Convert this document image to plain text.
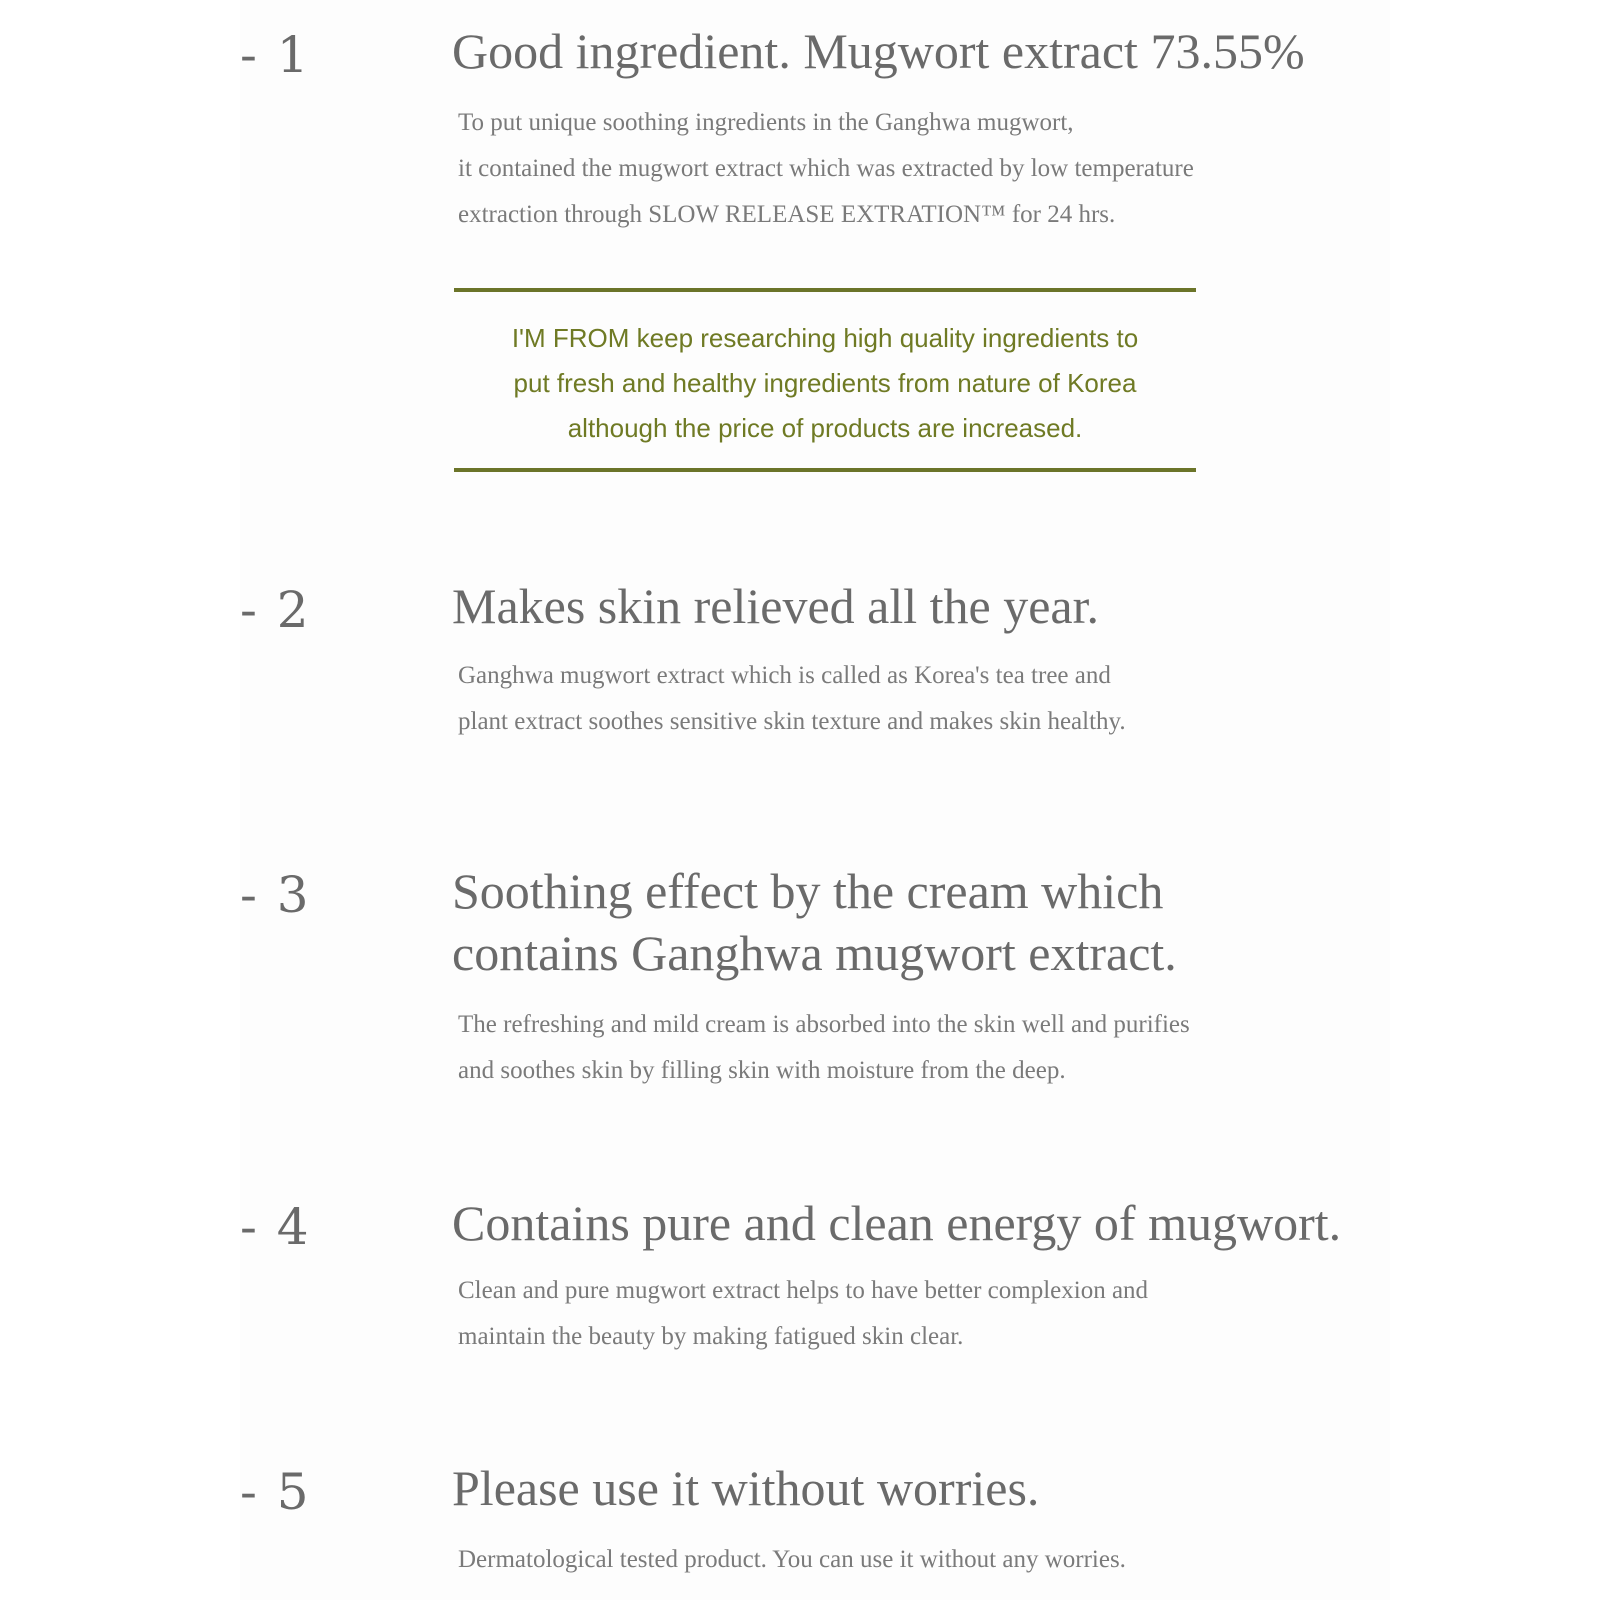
- 1	Good ingredient. Mugwort extract 73.55%
To put unique soothing ingredients in the Ganghwa mugwort,
it contained the mugwort extract which was extracted by low temperature
extraction through SLOW RELEASE EXTRATION™ for 24 hrs.
I'M FROM keep researching high quality ingredients to
put fresh and healthy ingredients from nature of Korea
although the price of products are increased.
- 2	Makes skin relieved all the year.
Ganghwa mugwort extract which is called as Korea's tea tree and
plant extract soothes sensitive skin texture and makes skin healthy.
- 3	Soothing effect by the cream which
contains Ganghwa mugwort extract.
The refreshing and mild cream is absorbed into the skin well and purifies
and soothes skin by filling skin with moisture from the deep.
- 4	Contains pure and clean energy of mugwort.
Clean and pure mugwort extract helps to have better complexion and
maintain the beauty by making fatigued skin clear.
- 5	Please use it without worries.
Dermatological tested product. You can use it without any worries.
